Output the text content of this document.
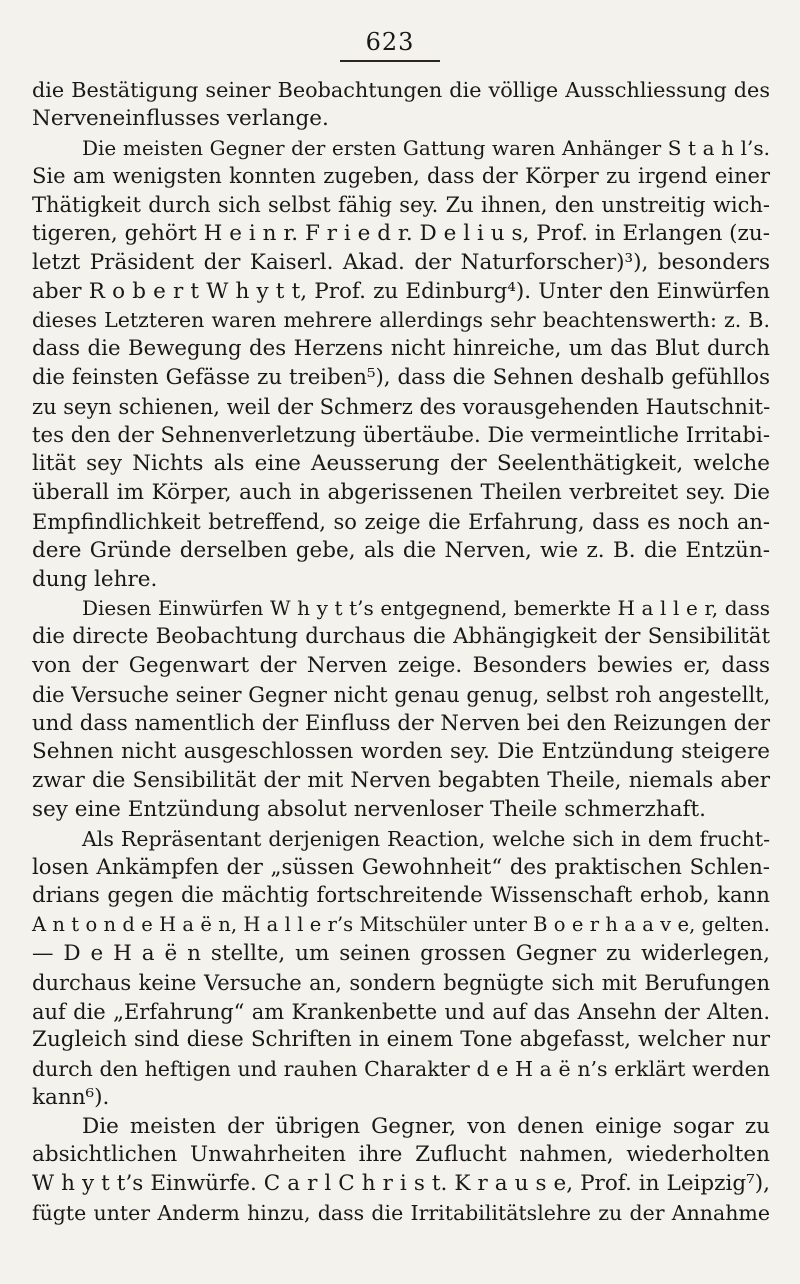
623
die Bestätigung seiner Beobachtungen die völlige Ausschliessung des
Nerveneinflusses verlange.
Die meisten Gegner der ersten Gattung waren Anhänger S t a h l’s.
Sie am wenigsten konnten zugeben, dass der Körper zu irgend einer
Thätigkeit durch sich selbst fähig sey. Zu ihnen, den unstreitig wich-
tigeren, gehört H e i n r. F r i e d r. D e l i u s, Prof. in Erlangen (zu-
letzt Präsident der Kaiserl. Akad. der Naturforscher)³), besonders
aber R o b e r t W h y t t, Prof. zu Edinburg⁴). Unter den Einwürfen
dieses Letzteren waren mehrere allerdings sehr beachtenswerth: z. B.
dass die Bewegung des Herzens nicht hinreiche, um das Blut durch
die feinsten Gefässe zu treiben⁵), dass die Sehnen deshalb gefühllos
zu seyn schienen, weil der Schmerz des vorausgehenden Hautschnit-
tes den der Sehnenverletzung übertäube. Die vermeintliche Irritabi-
lität sey Nichts als eine Aeusserung der Seelenthätigkeit, welche
überall im Körper, auch in abgerissenen Theilen verbreitet sey. Die
Empfindlichkeit betreffend, so zeige die Erfahrung, dass es noch an-
dere Gründe derselben gebe, als die Nerven, wie z. B. die Entzün-
dung lehre.
Diesen Einwürfen W h y t t’s entgegnend, bemerkte H a l l e r, dass
die directe Beobachtung durchaus die Abhängigkeit der Sensibilität
von der Gegenwart der Nerven zeige. Besonders bewies er, dass
die Versuche seiner Gegner nicht genau genug, selbst roh angestellt,
und dass namentlich der Einfluss der Nerven bei den Reizungen der
Sehnen nicht ausgeschlossen worden sey. Die Entzündung steigere
zwar die Sensibilität der mit Nerven begabten Theile, niemals aber
sey eine Entzündung absolut nervenloser Theile schmerzhaft.
Als Repräsentant derjenigen Reaction, welche sich in dem frucht-
losen Ankämpfen der „süssen Gewohnheit“ des praktischen Schlen-
drians gegen die mächtig fortschreitende Wissenschaft erhob, kann
A n t o n d e H a ë n, H a l l e r’s Mitschüler unter B o e r h a a v e, gelten.
— D e H a ë n stellte, um seinen grossen Gegner zu widerlegen,
durchaus keine Versuche an, sondern begnügte sich mit Berufungen
auf die „Erfahrung“ am Krankenbette und auf das Ansehn der Alten.
Zugleich sind diese Schriften in einem Tone abgefasst, welcher nur
durch den heftigen und rauhen Charakter d e H a ë n’s erklärt werden
kann⁶).
Die meisten der übrigen Gegner, von denen einige sogar zu
absichtlichen Unwahrheiten ihre Zuflucht nahmen, wiederholten
W h y t t’s Einwürfe. C a r l C h r i s t. K r a u s e, Prof. in Leipzig⁷),
fügte unter Anderm hinzu, dass die Irritabilitätslehre zu der Annahme
